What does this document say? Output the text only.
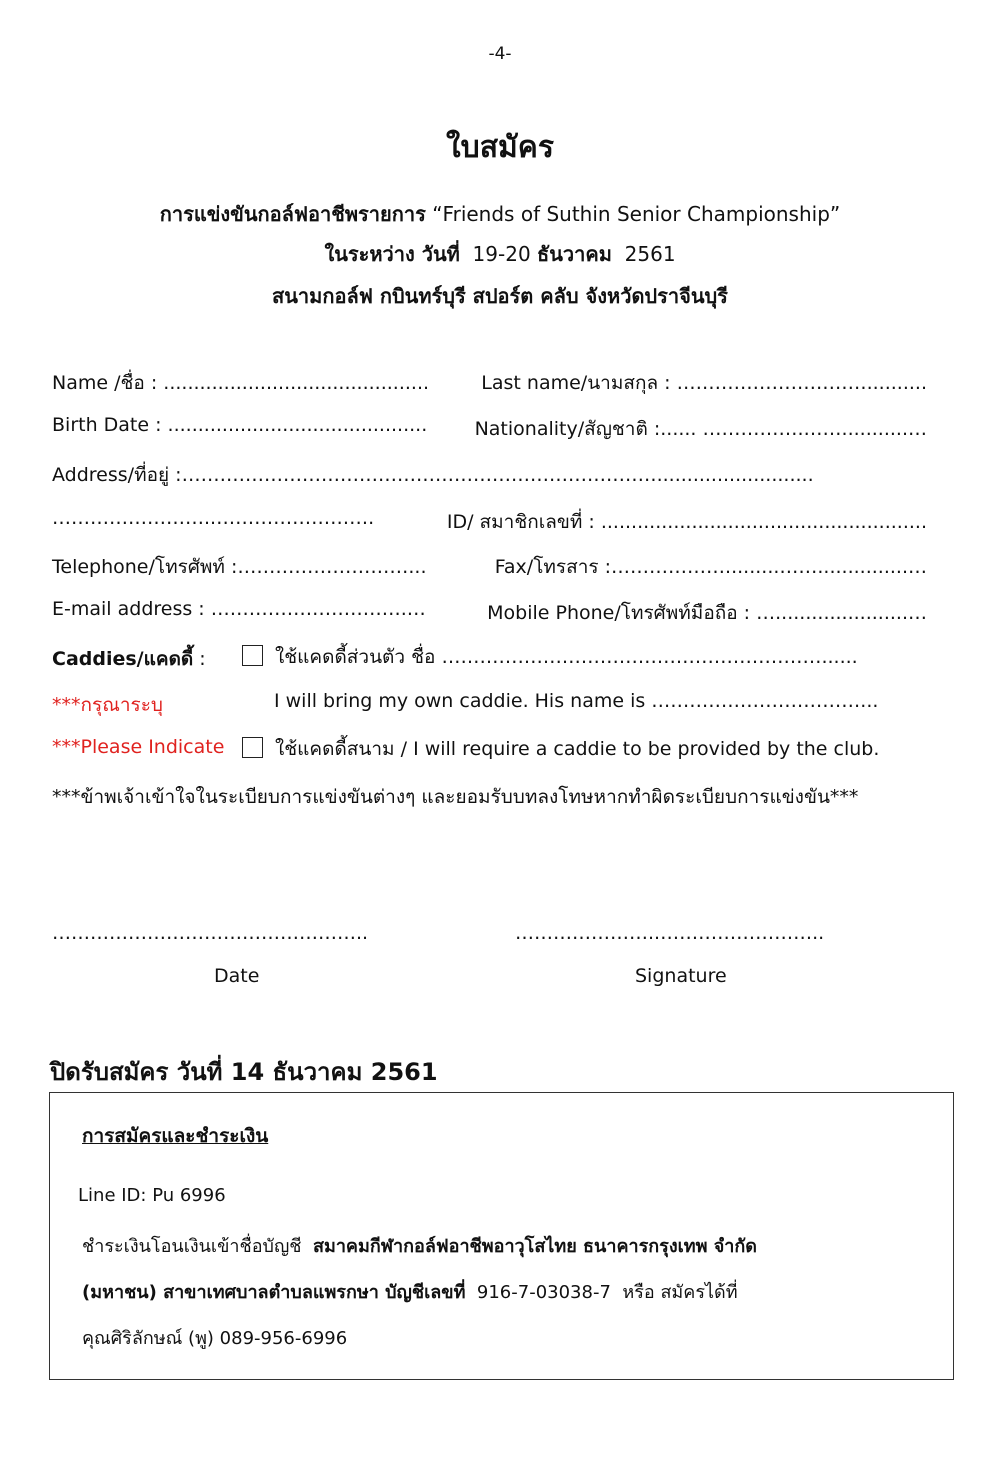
-4-
ใบสมัคร
การแข่งขันกอล์ฟอาชีพรายการ “Friends of Suthin Senior Championship”
ในระหว่าง วันที่ 19-20 ธันวาคม 2561
สนามกอล์ฟ กบินทร์บุรี สปอร์ต คลับ จังหวัดปราจีนบุรี
Name /ชื่อ : ............................................	Last name/นามสกุล : …………………………..........
Birth Date : ........................................... Nationality/สัญชาติ :...... …………….……...........…
Address/ที่อยู่ :…………………………………………………………………..........................
……………………..…………………….	ID/ สมาชิกเลขที่ : ......................................................
Telephone/โทรศัพท์ :………………………...	Fax/โทรสาร :……………….........……...............…
E-mail address : ………………………….…	Mobile Phone/โทรศัพท์มือถือ : …......................…
Caddies/แคดดี้ :	ใช้แคดดี้ส่วนตัว ชื่อ ……………………………………………………......
***กรุณาระบุ	I will bring my own caddie. His name is ……………………………...
***Please Indicate	ใช้แคดดี้สนาม / I will require a caddie to be provided by the club.
***ข้าพเจ้าเข้าใจในระเบียบการแข่งขันต่างๆ และยอมรับบทลงโทษหากทำผิดระเบียบการแข่งขัน***
…………………………………………..
Date
…………………..……………………..
Signature
ปิดรับสมัคร วันที่ 14 ธันวาคม 2561
การสมัครและชำระเงิน
Line ID: Pu 6996
ชำระเงินโอนเงินเข้าชื่อบัญชี สมาคมกีฬากอล์ฟอาชีพอาวุโสไทย ธนาคารกรุงเทพ จำกัด
(มหาชน) สาขาเทศบาลตำบลแพรกษา บัญชีเลขที่ 916-7-03038-7 หรือ สมัครได้ที่
คุณศิริลักษณ์ (พู) 089-956-6996
